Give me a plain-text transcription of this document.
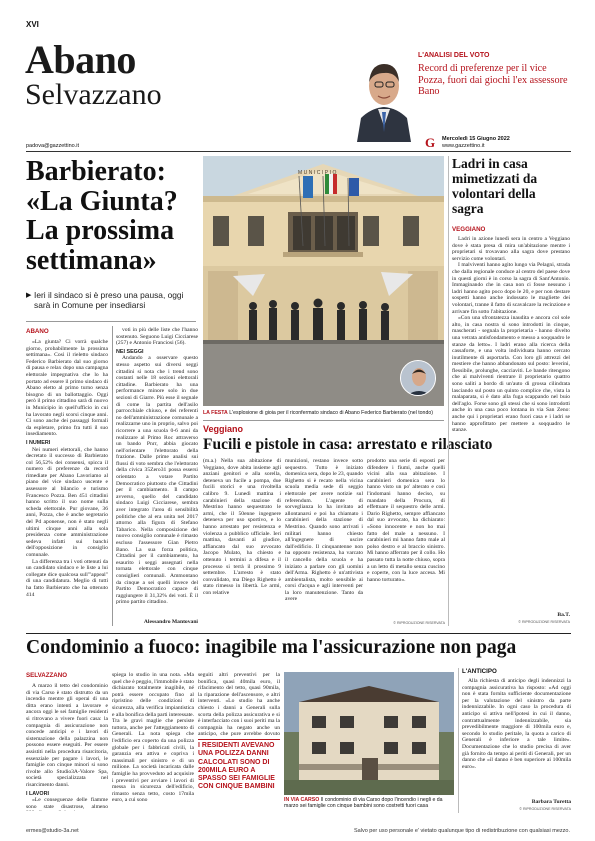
XVI
Abano
Selvazzano
padova@gazzettino.it
L'ANALISI DEL VOTO
Record di preferenze per il vice Pozza, fuori dai giochi l'ex assessore Bano
G Mercoledì 15 Giugno 2022
www.gazzettino.it
Barbierato: «La Giunta? La prossima settimana»
▶ Ieri il sindaco si è preso una pausa, oggi sarà in Comune per insediarsi
ABANO

«La giunta? Ci vorrà qualche giorno, probabilmente la prossima settimana». Così il rieletto sindaco Federico Barbierato dal suo giorno di pausa e relax dopo una campagna elettorale impegnativa che lo ha portato ad essere il primo sindaco di Abano eletto al primo turno senza bisogno di un ballottaggio. Oggi però il primo cittadino sarà di nuovo in Municipio in quell'ufficio in cui ha lavorato negli scorsi cinque anni. Ci sono anche dei passaggi formali da espletare, primo fra tutti il suo insediamento.

I NUMERI

Nei numeri elettorali, che hanno decretato il successo di Barbierato col 56,52% dei consensi, spicca il numero di preferenze da record rimediate per Abano Lavoriamo al piano del vice sindaco uscente e assessore al bilancio e turismo Francesco Pozza. Ben 451 cittadini hanno scritto il suo nome sulla scheda elettorale. Pur giovane, 36 anni, Pozza, che è anche segretario del Pd aponense, non è stato negli ultimi cinque anni alla sola presidenza come amministrazione sedeva infatti sui banchi dell'opposizione in consiglio comunale.

La differenza tra i voti ottenuti da un candidato sindaco e le liste a lui collegate dice qualcosa sull'"appeal" di una candidatura. Meglio di tutti ha fatto Barbierato che ha ottenuto 414

voti in più delle liste che l'hanno sostenuto. Seguono Luigi Cicciarese (257) e Antonio Franciosi (56).

NEI SEGGI

Andando a osservare questo stesso aspetto sui diversi seggi cittadini si nota che i trend sono costanti nelle 18 sezioni elettorali cittadine. Barbierato ha una performance minore solo in due sezioni di Giarre. Più esse il segnale di come la partita dell'asilo parrocchiale chiuso, e dei referenti no dell'amministrazione comunale a realizzarne uno in proprio, salvo poi ricorrere a una scuola 0-6 anni da realizzare al Primo Roc attraverso un bando Pnrr, abbia giocato nell'orientare l'elettorato della frazione. Dalle prime analisi sui flussi di voto sembra che l'elettorato della civica 35Zero31 possa essersi orientato a votare Partito Democratico piuttosto che Cittadini per il cambiamento. Il campo avverso, quello del candidato sindaco Luigi Cicciarese, sembra aver integrato l'area di sensibilità politiche che al era unita nel 2017 attorno alla figura di Stefano Tabarico. Nella composizione del nuovo consiglio comunale è rimasto escluso l'assessore Gian Pietro Bano. La sua forza politica, Cittadini per il cambiamento, ha esaurito i seggi assegnati nella tornata elettorale con cinque consiglieri comunali. Ammontano da cinque a sei quelli invece del Partito Democratico capace di raggiungere il 31,32% dei voti. È il primo partito cittadino.

Alessandro Mantovani

MUNICIPIO
LA FESTA L'esplosione di gioia per il riconfermato sindaco di Abano Federico Barbierato (nel tondo)
Veggiano
Fucili e pistole in casa: arrestato e rilasciato

(m.a.) Nella sua abitazione di Veggiano, dove abita insieme agli anziani genitori e alla sorella, deteneva un fucile a pompa, due fucili storici e una rivoltella calibro 9. Lunedì mattina i carabinieri della stazione di Mestrino hanno sequestrato le armi, che il 50enne ingegnere deteneva per uso sportivo, e lo hanno arrestato per resistenza e violenza a pubblico ufficiale. Ieri mattina, davanti al giudice, affiancato dal suo avvocato Jacopo Mulato, ha chiesto e ottenuto i termini a difesa e il processo si terrà il prossimo 9 settembre. L'arresto è stato convalidato, ma Diego Righetto è stato rimesso in libertà. Le armi, con relative

munizioni, restano invece sotto sequestro. Tutto è iniziato domenica sera, dopo le 23, quando Righetto si è recato nella vicina scuola media sede di seggio elettorale per avere notizie sul referendum. L'agente di sorveglianza lo ha invitato ad allontanarsi e poi ha chiamato i carabinieri della stazione di Mestrino. Quando sono arrivati i militari hanno chiesto all'ingegnere di uscire dall'edificio. Il cinquantenne non ha opposto resistenza, ha varcato il cancello della scuola e ha iniziato a parlare con gli uomini dell'Arma. Righetto è un'attivista ambientalista, molto sensibile ai corsi d'acqua e agli interventi per la loro manutenzione. Tanto da avere

prodotto una serie di esposti per difendere i fiumi, anche quelli vicini alla sua abitazione. I carabinieri domenica sera lo hanno visto un po' alterato e così l'indomani hanno deciso, su mandato della Procura, di effettuare il sequestro delle armi. Dario Righetto, sempre affiancato dal suo avvocato, ha dichiarato: «Sono innocente e non ho mai fatto del male a nessuno. I carabinieri mi hanno fatto male al polso destro e al braccio sinistro. Mi hanno afferrato per il collo. Ho passato tutta la notte chiuso, sopra a un letto di metallo senza cuscino e coperte, con la luce accesa. Mi hanno torturato».

© RIPRODUZIONE RISERVATA

Ladri in casa mimetizzati da volontari della sagra
VEGGIANO

Ladri in azione lunedì sera in centro a Veggiano dove è stata presa di mira un'abitazione mentre i proprietari si trovavano alla sagra dove prestano servizio come volontari.

I malviventi hanno agito lungo via Pelagni, strada che dalla regionale conduce al centro del paese dove in questi giorni è in corso la sagra di Sant'Antonio. Immaginando che in casa non ci fosse nessuno i ladri hanno agito poco dopo le 20, e per non destare sospetti hanno anche indossato le magliette dei volontari, tranne il fatto di scavalcare la recinzione e arrivare fin sotto l'abitazione.

«Con una sfrontatezza inaudita e ancora col sole alto, in casa nostra si sono introdotti in cinque, mascherati - segnala la proprietaria - hanno divelto una vetrata antisfondamento e messo a soqquadro le stanze da letto». I ladri erano alla ricerca della cassaforte, e una volta individuata hanno cercato inutilmente di asportarla. Con loro gli attrezzi del mestiere che hanno abbandonato sul posto: leverini, flessibile, prolunghe, cacciaviti. Le bande ritengono che ai malviventi rientrare il proprietario quattro sono saliti a bordo di un'auto di grossa cilindrata lasciando sul posto un quinto complice che, vista la malaparata, si è dato alla fuga scappando nel buio dell'aglo. Forse sono gli stessi che si sono introdotti anche in una casa poco lontana in via San Zeno: anche qui i proprietari erano fuori casa e i ladri se hanno approfittato per mettere a soqquadro le stanze.

Ba.T.

© RIPRODUZIONE RISERVATA

Condominio a fuoco: inagibile ma l'assicurazione non paga
SELVAZZANO

A marzo il tetto del condominio di via Carso è stato distrutto da un incendio mentre gli operai di una ditta erano intenti a lavorare e ancora oggi le sei famiglie residenti si ritrovano a vivere fuori casa: la compagnia di assicurazione non concede anticipi e i lavori di sistemazione della palazzina non possono essere eseguiti. Per essere assistiti nella procedura risarcitoria, essenziale per pagare i lavori, le famiglie con cinque minori si sono rivolte allo Studio3A-Valore Spa, società specializzata nel risarcimento danni.

I LAVORI

«Le conseguenze delle fiamme sono state disastrose, almeno

spiega lo studio in una nota. «Ma quel che è peggio, l'immobile è stato dichiarato totalmente inagibile, né potrà essere occupato fino al ripristino delle condizioni di sicurezza, alla verifica impiantistica e alla bonifica della parti interessate. Tra le gravi maglie che persiste tuttora, anche per l'atteggiamento di Generali. La nota spiega che l'edificio era coperto da una polizza globale per i fabbricati civili, la garanzia era attiva e copriva i massimali per sinistro e di un milione. La società incaricata dalle famiglie ha provveduto ad acquisire i preventivi per avviare i lavori di messa in sicurezza dell'edificio, rimasto senza tetto, costo 17mila euro, a cui sono

seguiti altri preventivi per la bonifica, quasi 40mila euro, il rifacimento del tetto, quasi 90mila, la riparazione dell'ascensore, e altri interventi. «Lo studio ha anche chiesto i danni a Generali sulla scorta della polizza assicurativa e si è interfacciato con i suoi periti ma la compagnia ha negato anche un anticipo, che pure avrebbe dovuto

I RESIDENTI AVEVANO UNA POLIZZA DANNI CALCOLATI SONO DI 200MILA EURO A SPASSO SEI FAMIGLIE CON CINQUE BAMBINI
IN VIA CARSO Il condominio di via Carso dopo l'incendio i negli e da marzo sei famiglie con cinque bambini sono costretti fuori casa
L'ANTICIPO

Alla richiesta di anticipo degli indennizzi la compagnia assicurativa ha risposto: «Ad oggi non è stata fornita sufficiente documentazione per la valutazione del sinistro da parte indennizzabile. In ogni caso la procedura di anticipo si attiva nell'ipotesi in cui il danno, contrattualmente indennizzabile, sia prevedibilmente maggiore di 100mila euro e, secondo lo studio peritale, la quota a carico di Generali è inferiore a tale limite». Documentazione che lo studio precisa di aver già fornito da tempo ai periti di Generali, per un danno che «il danno è ben superiore ai 100mila euro».

Barbara Turetta

© RIPRODUZIONE RISERVATA

ermes@studio-3a.net	Salvo per uso personale e' vietato qualunque tipo di redistribuzione con qualsiasi mezzo.
